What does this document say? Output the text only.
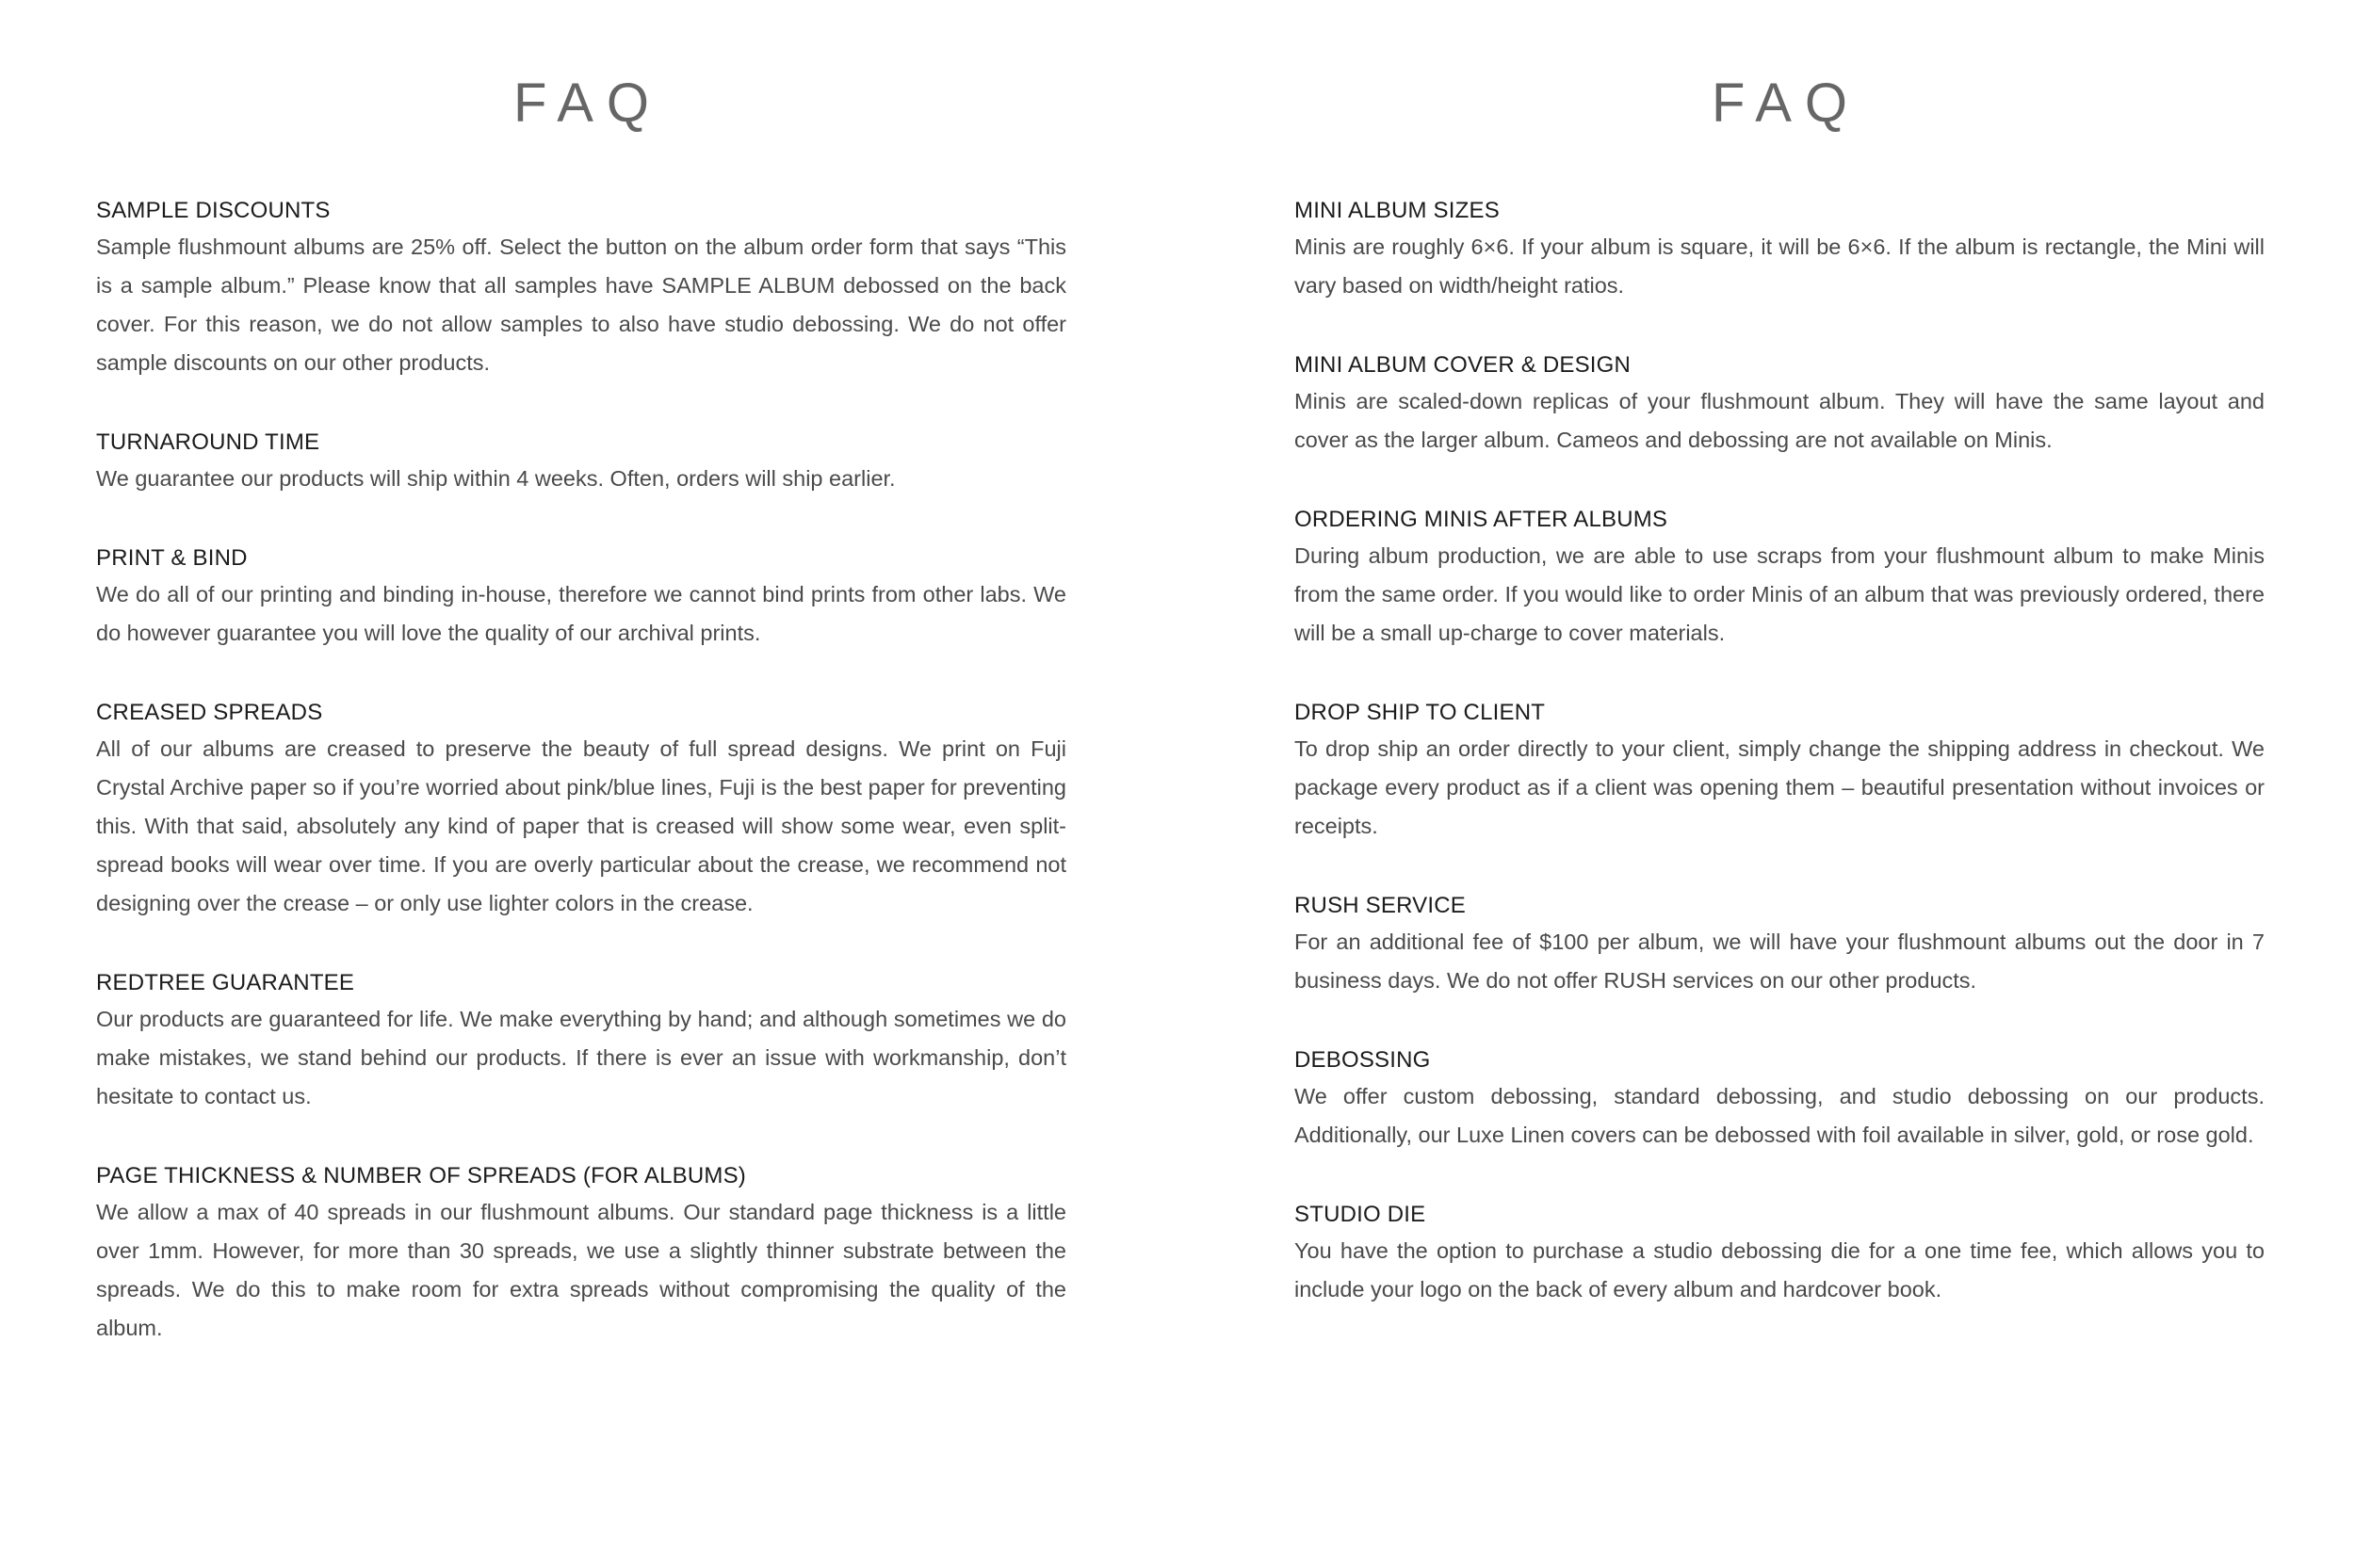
FAQ
SAMPLE DISCOUNTS

Sample flushmount albums are 25% off. Select the button on the album order form that says “This is a sample album.” Please know that all samples have SAMPLE ALBUM debossed on the back cover. For this reason, we do not allow samples to also have studio debossing. We do not offer sample discounts on our other products.

TURNAROUND TIME

We guarantee our products will ship within 4 weeks. Often, orders will ship earlier.

PRINT & BIND

We do all of our printing and binding in-house, therefore we cannot bind prints from other labs. We do however guarantee you will love the quality of our archival prints.

CREASED SPREADS

All of our albums are creased to preserve the beauty of full spread designs. We print on Fuji Crystal Archive paper so if you’re worried about pink/blue lines, Fuji is the best paper for preventing this. With that said, absolutely any kind of paper that is creased will show some wear, even split-spread books will wear over time. If you are overly particular about the crease, we recommend not designing over the crease – or only use lighter colors in the crease.

REDTREE GUARANTEE

Our products are guaranteed for life. We make everything by hand; and although sometimes we do make mistakes, we stand behind our products. If there is ever an issue with workmanship, don’t hesitate to contact us.

PAGE THICKNESS & NUMBER OF SPREADS (FOR ALBUMS)

We allow a max of 40 spreads in our flushmount albums. Our standard page thickness is a little over 1mm. However, for more than 30 spreads, we use a slightly thinner substrate between the spreads. We do this to make room for extra spreads without compromising the quality of the album.

FAQ
MINI ALBUM SIZES

Minis are roughly 6×6. If your album is square, it will be 6×6. If the album is rectangle, the Mini will vary based on width/height ratios.

MINI ALBUM COVER & DESIGN

Minis are scaled-down replicas of your flushmount album. They will have the same layout and cover as the larger album. Cameos and debossing are not available on Minis.

ORDERING MINIS AFTER ALBUMS

During album production, we are able to use scraps from your flushmount album to make Minis from the same order. If you would like to order Minis of an album that was previously ordered, there will be a small up-charge to cover materials.

DROP SHIP TO CLIENT

To drop ship an order directly to your client, simply change the shipping address in checkout. We package every product as if a client was opening them – beautiful presentation without invoices or receipts.

RUSH SERVICE

For an additional fee of $100 per album, we will have your flushmount albums out the door in 7 business days. We do not offer RUSH services on our other products.

DEBOSSING

We offer custom debossing, standard debossing, and studio debossing on our products. Additionally, our Luxe Linen covers can be debossed with foil available in silver, gold, or rose gold.

STUDIO DIE

You have the option to purchase a studio debossing die for a one time fee, which allows you to include your logo on the back of every album and hardcover book.
